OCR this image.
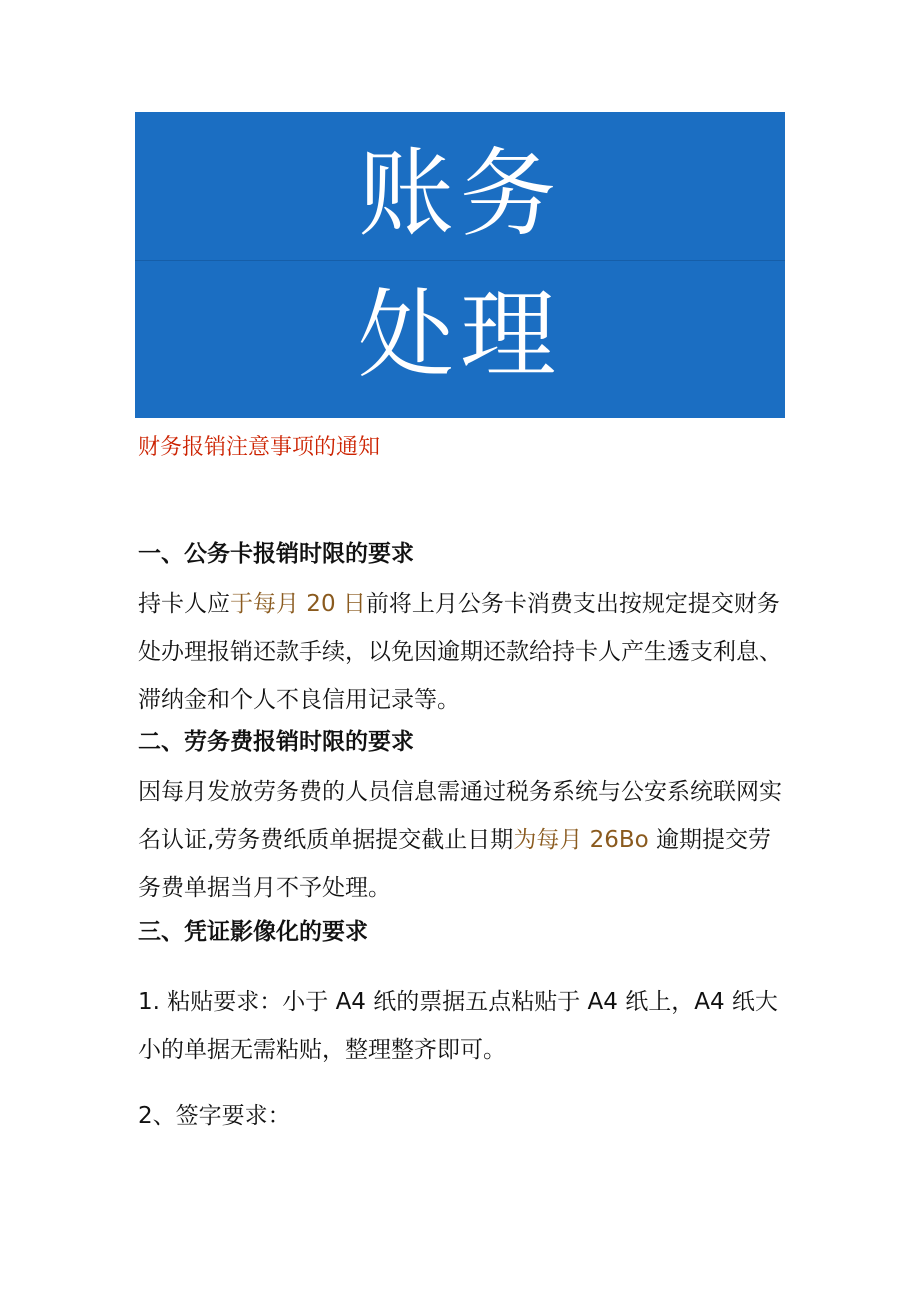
账务
处理
财务报销注意事项的通知

一、公务卡报销时限的要求

持卡人应于每月 20 日前将上月公务卡消费支出按规定提交财务处办理报销还款手续，以免因逾期还款给持卡人产生透支利息、滞纳金和个人不良信用记录等。

二、劳务费报销时限的要求

因每月发放劳务费的人员信息需通过税务系统与公安系统联网实名认证,劳务费纸质单据提交截止日期为每月 26Bo 逾期提交劳务费单据当月不予处理。

三、凭证影像化的要求

1. 粘贴要求：小于 A4 纸的票据五点粘贴于 A4 纸上，A4 纸大小的单据无需粘贴，整理整齐即可。

2、签字要求：
